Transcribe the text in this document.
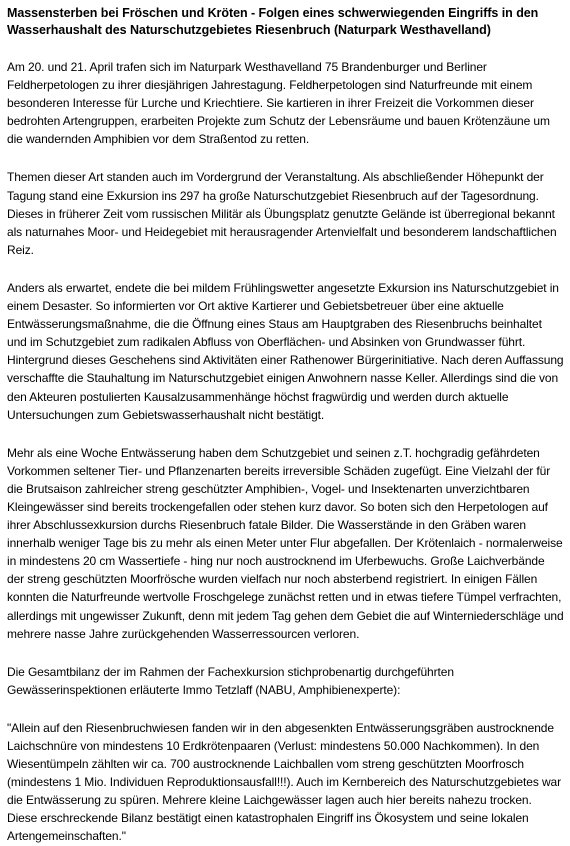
Massensterben bei Fröschen und Kröten - Folgen eines schwerwiegenden Eingriffs in den Wasserhaushalt des Naturschutzgebietes Riesenbruch (Naturpark Westhavelland)

Am 20. und 21. April trafen sich im Naturpark Westhavelland 75 Brandenburger und Berliner Feldherpetologen zu ihrer diesjährigen Jahrestagung. Feldherpetologen sind Naturfreunde mit einem besonderen Interesse für Lurche und Kriechtiere. Sie kartieren in ihrer Freizeit die Vorkommen dieser bedrohten Artengruppen, erarbeiten Projekte zum Schutz der Lebensräume und bauen Krötenzäune um die wandernden Amphibien vor dem Straßentod zu retten.

Themen dieser Art standen auch im Vordergrund der Veranstaltung. Als abschließender Höhepunkt der Tagung stand eine Exkursion ins 297 ha große Naturschutzgebiet Riesenbruch auf der Tagesordnung. Dieses in früherer Zeit vom russischen Militär als Übungsplatz genutzte Gelände ist überregional bekannt als naturnahes Moor- und Heidegebiet mit herausragender Artenvielfalt und besonderem landschaftlichen Reiz.

Anders als erwartet, endete die bei mildem Frühlingswetter angesetzte Exkursion ins Naturschutzgebiet in einem Desaster. So informierten vor Ort aktive Kartierer und Gebietsbetreuer über eine aktuelle Entwässerungsmaßnahme, die die Öffnung eines Staus am Hauptgraben des Riesenbruchs beinhaltet und im Schutzgebiet zum radikalen Abfluss von Oberflächen- und Absinken von Grundwasser führt. Hintergrund dieses Geschehens sind Aktivitäten einer Rathenower Bürgerinitiative. Nach deren Auffassung verschaffte die Stauhaltung im Naturschutzgebiet einigen Anwohnern nasse Keller. Allerdings sind die von den Akteuren postulierten Kausalzusammenhänge höchst fragwürdig und werden durch aktuelle Untersuchungen zum Gebietswasserhaushalt nicht bestätigt.

Mehr als eine Woche Entwässerung haben dem Schutzgebiet und seinen z.T. hochgradig gefährdeten Vorkommen seltener Tier- und Pflanzenarten bereits irreversible Schäden zugefügt. Eine Vielzahl der für die Brutsaison zahlreicher streng geschützter Amphibien-, Vogel- und Insektenarten unverzichtbaren Kleingewässer sind bereits trockengefallen oder stehen kurz davor. So boten sich den Herpetologen auf ihrer Abschlussexkursion durchs Riesenbruch fatale Bilder. Die Wasserstände in den Gräben waren innerhalb weniger Tage bis zu mehr als einen Meter unter Flur abgefallen. Der Krötenlaich - normalerweise in mindestens 20 cm Wassertiefe - hing nur noch austrocknend im Uferbewuchs. Große Laichverbände der streng geschützten Moorfrösche wurden vielfach nur noch absterbend registriert. In einigen Fällen konnten die Naturfreunde wertvolle Froschgelege zunächst retten und in etwas tiefere Tümpel verfrachten, allerdings mit ungewisser Zukunft, denn mit jedem Tag gehen dem Gebiet die auf Winterniederschläge und mehrere nasse Jahre zurückgehenden Wasserressourcen verloren.

Die Gesamtbilanz der im Rahmen der Fachexkursion stichprobenartig durchgeführten Gewässerinspektionen erläuterte Immo Tetzlaff (NABU, Amphibienexperte):

"Allein auf den Riesenbruchwiesen fanden wir in den abgesenkten Entwässerungsgräben austrocknende Laichschnüre von mindestens 10 Erdkrötenpaaren (Verlust: mindestens 50.000 Nachkommen). In den Wiesentümpeln zählten wir ca. 700 austrocknende Laichballen vom streng geschützten Moorfrosch (mindestens 1 Mio. Individuen Reproduktionsausfall!!!). Auch im Kernbereich des Naturschutzgebietes war die Entwässerung zu spüren. Mehrere kleine Laichgewässer lagen auch hier bereits nahezu trocken. Diese erschreckende Bilanz bestätigt einen katastrophalen Eingriff ins Ökosystem und seine lokalen Artengemeinschaften."
